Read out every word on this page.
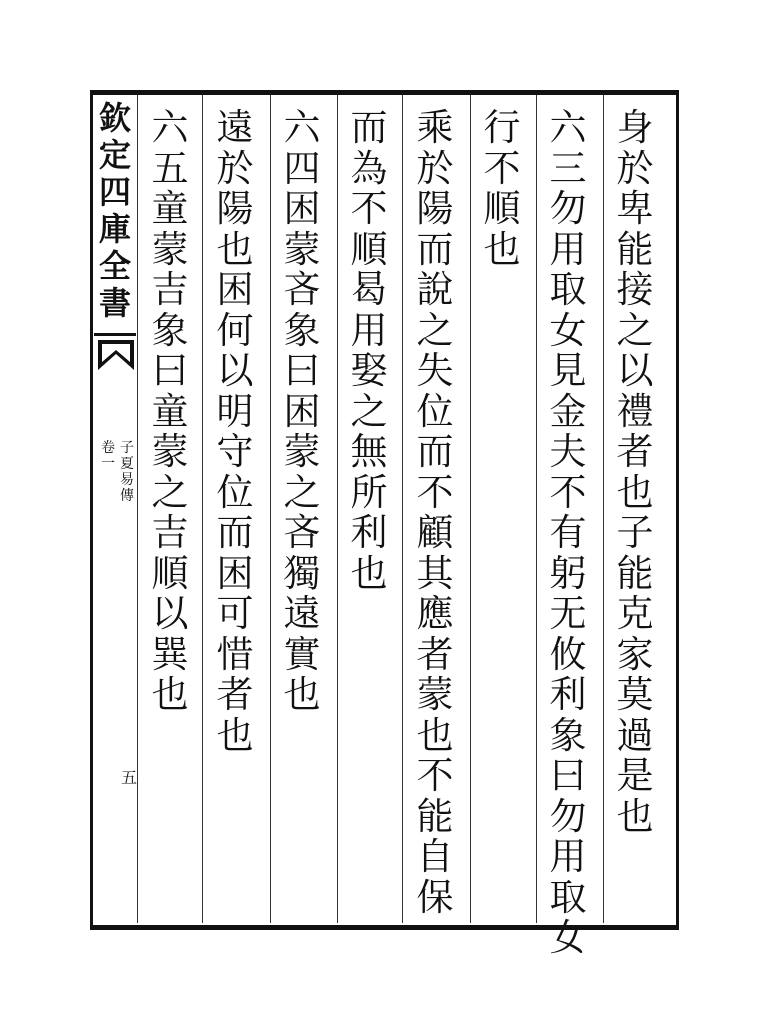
欽
定
四
庫
全
書
子
夏
易
傳
卷
一
五
身
於
卑
能
接
之
以
禮
者
也
子
能
克
家
莫
過
是
也
六
三
勿
用
取
女
見
金
夫
不
有
躬
无
攸
利
象
曰
勿
用
取
女
行
不
順
也
乘
於
陽
而
說
之
失
位
而
不
顧
其
應
者
蒙
也
不
能
自
保
而
為
不
順
曷
用
娶
之
無
所
利
也
六
四
困
蒙
吝
象
曰
困
蒙
之
吝
獨
遠
實
也
遠
於
陽
也
困
何
以
明
守
位
而
困
可
惜
者
也
六
五
童
蒙
吉
象
曰
童
蒙
之
吉
順
以
巽
也
